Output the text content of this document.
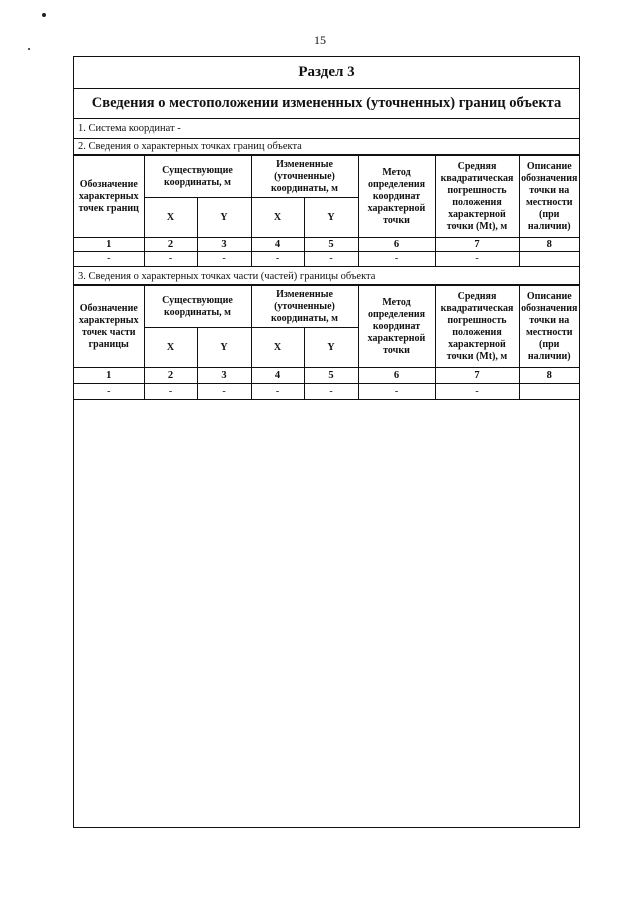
15
Раздел 3
Сведения о местоположении измененных (уточненных) границ объекта
1. Система координат -
2. Сведения о характерных точках границ объекта
Обозначение характерных точек границ	Существующие координаты, м		Измененные (уточненные) координаты, м		Метод определения координат характерной точки	Средняя квадратическая погрешность положения характерной точки (Mt), м	Описание обозначения точки на местности (при наличии)
	X	Y	X	Y			
1	2	3	4	5	6	7	8
-	-	-	-	-	-	-	
3. Сведения о характерных точках части (частей) границы объекта
Обозначение характерных точек части границы	Существующие координаты, м		Измененные (уточненные) координаты, м		Метод определения координат характерной точки	Средняя квадратическая погрешность положения характерной точки (Mt), м	Описание обозначения точки на местности (при наличии)
	X	Y	X	Y			
1	2	3	4	5	6	7	8
-	-	-	-	-	-	-	
